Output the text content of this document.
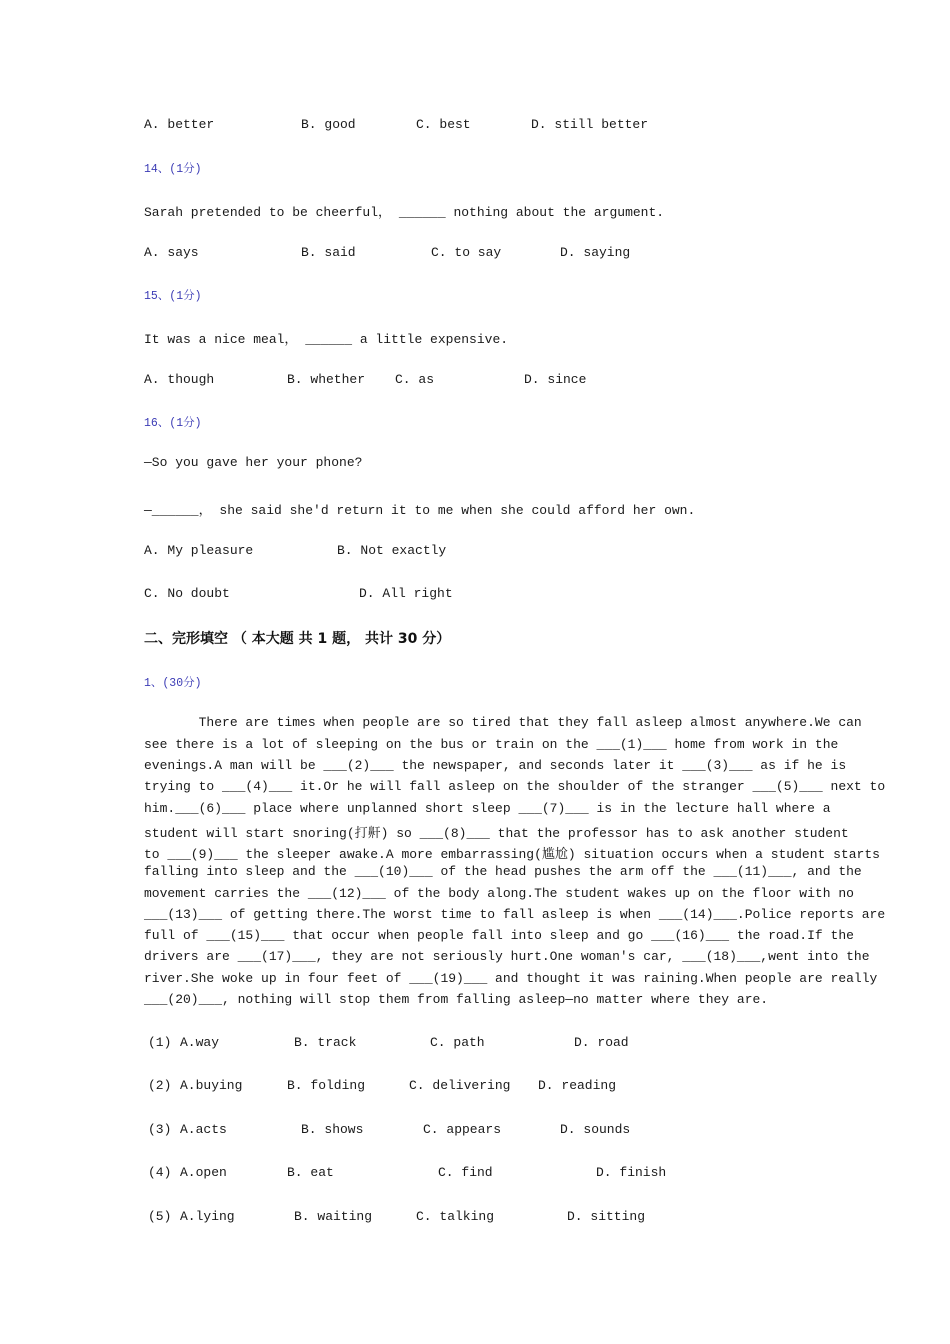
A. better

	B. good

	C. best

	D. still better

14、(1分)
Sarah pretended to be cheerful， ______ nothing about the argument.

A. says

	B. said

	C. to say

	D. saying

15、(1分)
It was a nice meal， ______ a little expensive.

A. though

	B. whether

C. as

	D. since

16、(1分)
—So you gave her your phone?
—______， she said she'd return it to me when she could afford her own.

A. My pleasure

	B. Not exactly

C. No doubt

	D. All right

二、完形填空 （ 本大题 共 1 题， 共计 30 分）
1、(30分)
There are times when people are so tired that they fall asleep almost anywhere.We can
see there is a lot of sleeping on the bus or train on the ___(1)___ home from work in the
evenings.A man will be ___(2)___ the newspaper, and seconds later it ___(3)___ as if he is
trying to ___(4)___ it.Or he will fall asleep on the shoulder of the stranger ___(5)___ next to
him.___(6)___ place where unplanned short sleep ___(7)___ is in the lecture hall where a
student will start snoring(打鼾) so ___(8)___ that the professor has to ask another student
to ___(9)___ the sleeper awake.A more embarrassing(尴尬) situation occurs when a student starts
falling into sleep and the ___(10)___ of the head pushes the arm off the ___(11)___, and the
movement carries the ___(12)___ of the body along.The student wakes up on the floor with no
___(13)___ of getting there.The worst time to fall asleep is when ___(14)___.Police reports are
full of ___(15)___ that occur when people fall into sleep and go ___(16)___ the road.If the
drivers are ___(17)___, they are not seriously hurt.One woman's car, ___(18)___,went into the
river.She woke up in four feet of ___(19)___ and thought it was raining.When people are really
___(20)___, nothing will stop them from falling asleep—no matter where they are.

(1)

A.way

	B. track

	C. path

	D. road

(2)

A.buying

	B. folding

	C. delivering

D. reading

(3)

A.acts

	B. shows

	C. appears

	D. sounds

(4)

A.open

	B. eat

	C. find

	D. finish

(5)

A.lying

	B. waiting

	C. talking

	D. sitting
